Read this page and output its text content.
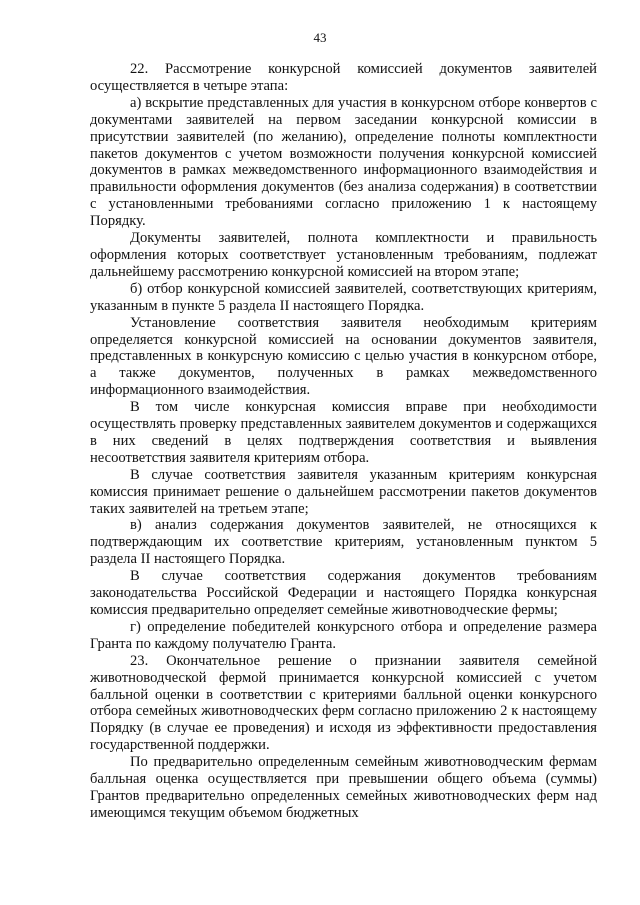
43

22. Рассмотрение конкурсной комиссией документов заявителей осуществляется в четыре этапа:

а) вскрытие представленных для участия в конкурсном отборе конвертов с документами заявителей на первом заседании конкурсной комиссии в присутствии заявителей (по желанию), определение полноты комплектности пакетов документов с учетом возможности получения конкурсной комиссией документов в рамках межведомственного информационного взаимодействия и правильности оформления документов (без анализа содержания) в соответствии с установленными требованиями согласно приложению 1 к настоящему Порядку.

Документы заявителей, полнота комплектности и правильность оформления которых соответствует установленным требованиям, подлежат дальнейшему рассмотрению конкурсной комиссией на втором этапе;

б) отбор конкурсной комиссией заявителей, соответствующих критериям, указанным в пункте 5 раздела II настоящего Порядка.

Установление соответствия заявителя необходимым критериям определяется конкурсной комиссией на основании документов заявителя, представленных в конкурсную комиссию с целью участия в конкурсном отборе, а также документов, полученных в рамках межведомственного информационного взаимодействия.

В том числе конкурсная комиссия вправе при необходимости осуществлять проверку представленных заявителем документов и содержащихся в них сведений в целях подтверждения соответствия и выявления несоответствия заявителя критериям отбора.

В случае соответствия заявителя указанным критериям конкурсная комиссия принимает решение о дальнейшем рассмотрении пакетов документов таких заявителей на третьем этапе;

в) анализ содержания документов заявителей, не относящихся к подтверждающим их соответствие критериям, установленным пунктом 5 раздела II настоящего Порядка.

В случае соответствия содержания документов требованиям законодательства Российской Федерации и настоящего Порядка конкурсная комиссия предварительно определяет семейные животноводческие фермы;

г) определение победителей конкурсного отбора и определение размера Гранта по каждому получателю Гранта.

23. Окончательное решение о признании заявителя семейной животноводческой фермой принимается конкурсной комиссией с учетом балльной оценки в соответствии с критериями балльной оценки конкурсного отбора семейных животноводческих ферм согласно приложению 2 к настоящему Порядку (в случае ее проведения) и исходя из эффективности предоставления государственной поддержки.

По предварительно определенным семейным животноводческим фермам балльная оценка осуществляется при превышении общего объема (суммы) Грантов предварительно определенных семейных животноводческих ферм над имеющимся текущим объемом бюджетных
